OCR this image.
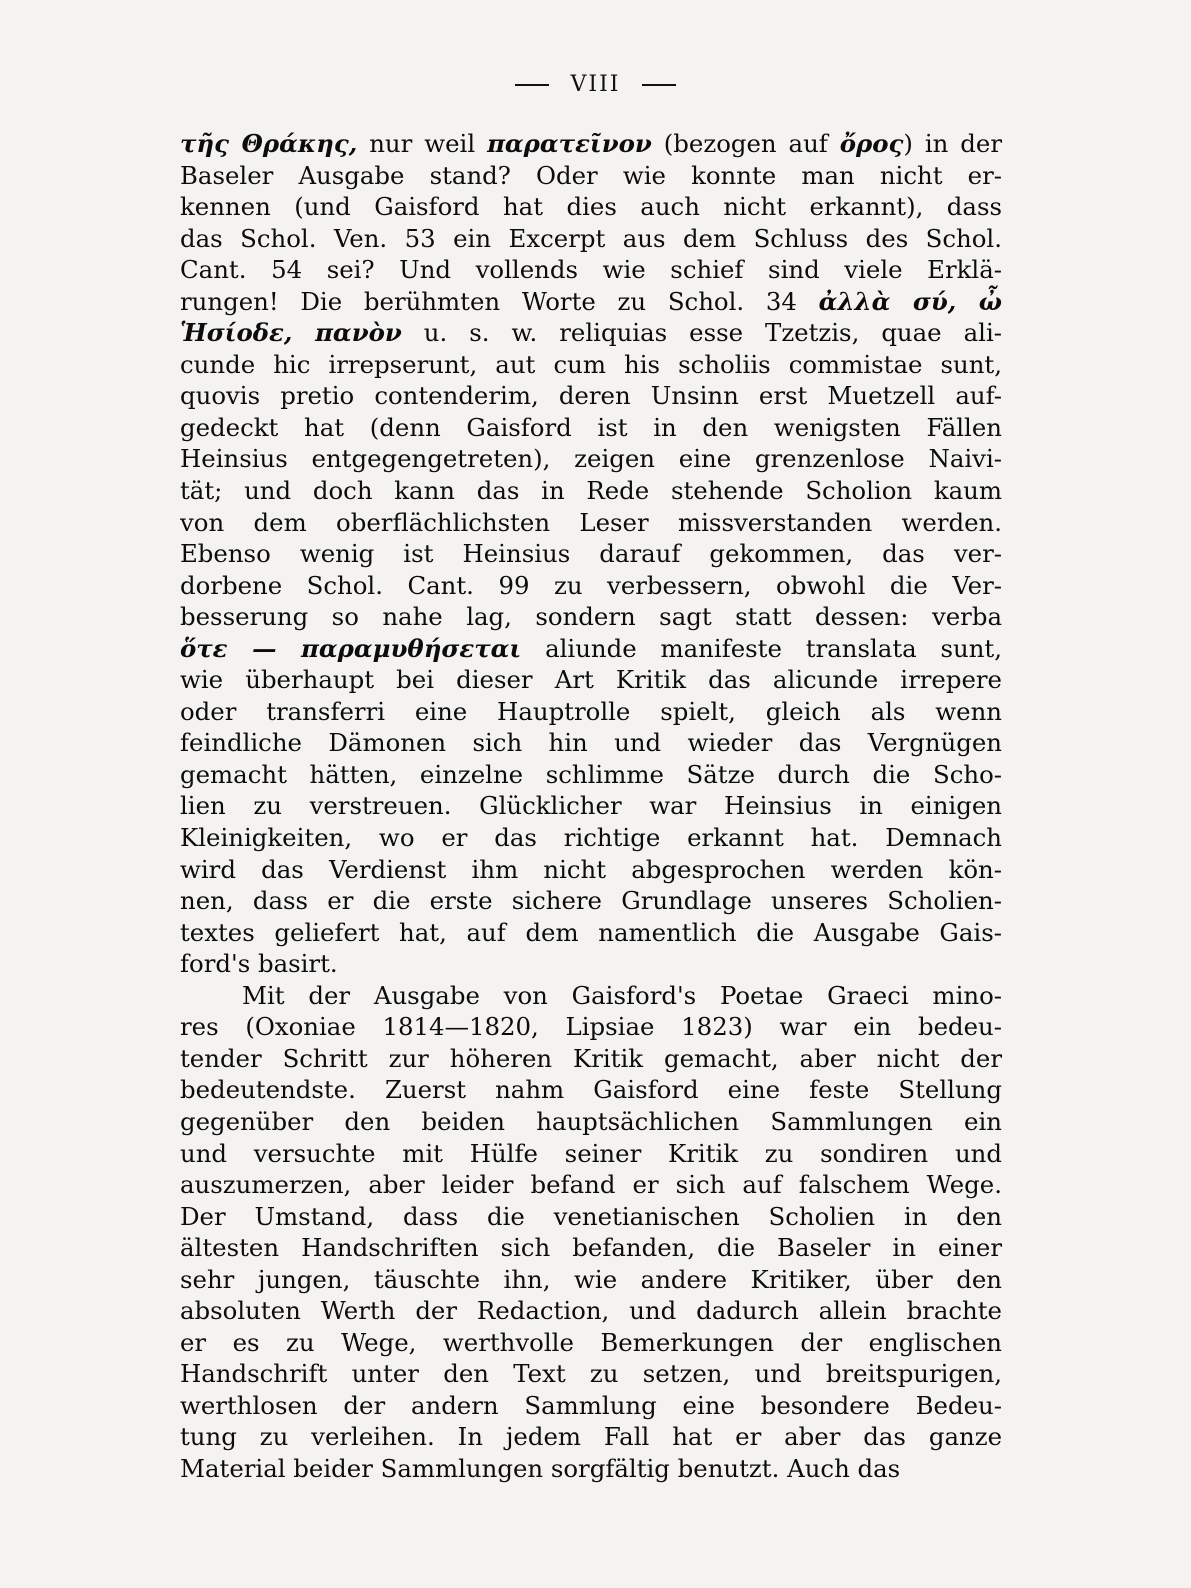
VIII
τῆς Θράκης, nur weil παρατεῖνον (bezogen auf ὄρος) in der
Baseler Ausgabe stand? Oder wie konnte man nicht er-
kennen (und Gaisford hat dies auch nicht erkannt), dass
das Schol. Ven. 53 ein Excerpt aus dem Schluss des Schol.
Cant. 54 sei? Und vollends wie schief sind viele Erklä-
rungen! Die berühmten Worte zu Schol. 34 ἀλλὰ σύ, ὦ
Ἡσίοδε, πανὸν u. s. w. reliquias esse Tzetzis, quae ali-
cunde hic irrepserunt, aut cum his scholiis commistae sunt,
quovis pretio contenderim, deren Unsinn erst Muetzell auf-
gedeckt hat (denn Gaisford ist in den wenigsten Fällen
Heinsius entgegengetreten), zeigen eine grenzenlose Naivi-
tät; und doch kann das in Rede stehende Scholion kaum
von dem oberflächlichsten Leser missverstanden werden.
Ebenso wenig ist Heinsius darauf gekommen, das ver-
dorbene Schol. Cant. 99 zu verbessern, obwohl die Ver-
besserung so nahe lag, sondern sagt statt dessen: verba
ὅτε — παραμυθήσεται aliunde manifeste translata sunt,
wie überhaupt bei dieser Art Kritik das alicunde irrepere
oder transferri eine Hauptrolle spielt, gleich als wenn
feindliche Dämonen sich hin und wieder das Vergnügen
gemacht hätten, einzelne schlimme Sätze durch die Scho-
lien zu verstreuen. Glücklicher war Heinsius in einigen
Kleinigkeiten, wo er das richtige erkannt hat. Demnach
wird das Verdienst ihm nicht abgesprochen werden kön-
nen, dass er die erste sichere Grundlage unseres Scholien-
textes geliefert hat, auf dem namentlich die Ausgabe Gais-
ford's basirt.
Mit der Ausgabe von Gaisford's Poetae Graeci mino-
res (Oxoniae 1814—1820, Lipsiae 1823) war ein bedeu-
tender Schritt zur höheren Kritik gemacht, aber nicht der
bedeutendste. Zuerst nahm Gaisford eine feste Stellung
gegenüber den beiden hauptsächlichen Sammlungen ein
und versuchte mit Hülfe seiner Kritik zu sondiren und
auszumerzen, aber leider befand er sich auf falschem Wege.
Der Umstand, dass die venetianischen Scholien in den
ältesten Handschriften sich befanden, die Baseler in einer
sehr jungen, täuschte ihn, wie andere Kritiker, über den
absoluten Werth der Redaction, und dadurch allein brachte
er es zu Wege, werthvolle Bemerkungen der englischen
Handschrift unter den Text zu setzen, und breitspurigen,
werthlosen der andern Sammlung eine besondere Bedeu-
tung zu verleihen. In jedem Fall hat er aber das ganze
Material beider Sammlungen sorgfältig benutzt. Auch das
